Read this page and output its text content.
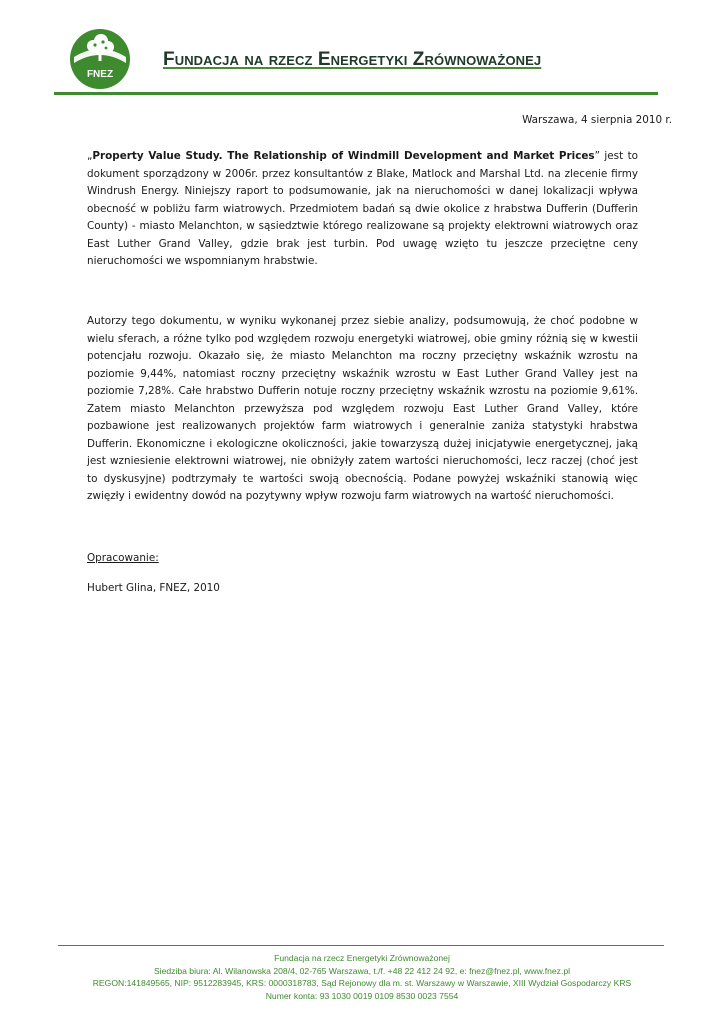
FNEZ
Fundacja na rzecz Energetyki Zrównoważonej
Warszawa, 4 sierpnia 2010 r.

„Property Value Study. The Relationship of Windmill Development and Market Prices” jest to dokument sporządzony w 2006r. przez konsultantów z Blake, Matlock and Marshal Ltd. na zlecenie firmy Windrush Energy. Niniejszy raport to podsumowanie, jak na nieruchomości w danej lokalizacji wpływa obecność w pobliżu farm wiatrowych. Przedmiotem badań są dwie okolice z hrabstwa Dufferin (Dufferin County) - miasto Melanchton, w sąsiedztwie którego realizowane są projekty elektrowni wiatrowych oraz East Luther Grand Valley, gdzie brak jest turbin. Pod uwagę wzięto tu jeszcze przeciętne ceny nieruchomości we wspomnianym hrabstwie.

Autorzy tego dokumentu, w wyniku wykonanej przez siebie analizy, podsumowują, że choć podobne w wielu sferach, a różne tylko pod względem rozwoju energetyki wiatrowej, obie gminy różnią się w kwestii potencjału rozwoju. Okazało się, że miasto Melanchton ma roczny przeciętny wskaźnik wzrostu na poziomie 9,44%, natomiast roczny przeciętny wskaźnik wzrostu w East Luther Grand Valley jest na poziomie 7,28%. Całe hrabstwo Dufferin notuje roczny przeciętny wskaźnik wzrostu na poziomie 9,61%. Zatem miasto Melanchton przewyższa pod względem rozwoju East Luther Grand Valley, które pozbawione jest realizowanych projektów farm wiatrowych i generalnie zaniża statystyki hrabstwa Dufferin. Ekonomiczne i ekologiczne okoliczności, jakie towarzyszą dużej inicjatywie energetycznej, jaką jest wzniesienie elektrowni wiatrowej, nie obniżyły zatem wartości nieruchomości, lecz raczej (choć jest to dyskusyjne) podtrzymały te wartości swoją obecnością. Podane powyżej wskaźniki stanowią więc zwięzły i ewidentny dowód na pozytywny wpływ rozwoju farm wiatrowych na wartość nieruchomości.

Opracowanie:
Hubert Glina, FNEZ, 2010
Fundacja na rzecz Energetyki Zrównoważonej
Siedziba biura: Al. Wilanowska 208/4, 02-765 Warszawa, t./f. +48 22 412 24 92, e: fnez@fnez.pl, www.fnez.pl
REGON:141849565, NIP: 9512283945, KRS: 0000318783, Sąd Rejonowy dla m. st. Warszawy w Warszawie, XIII Wydział Gospodarczy KRS
Numer konta: 93 1030 0019 0109 8530 0023 7554
